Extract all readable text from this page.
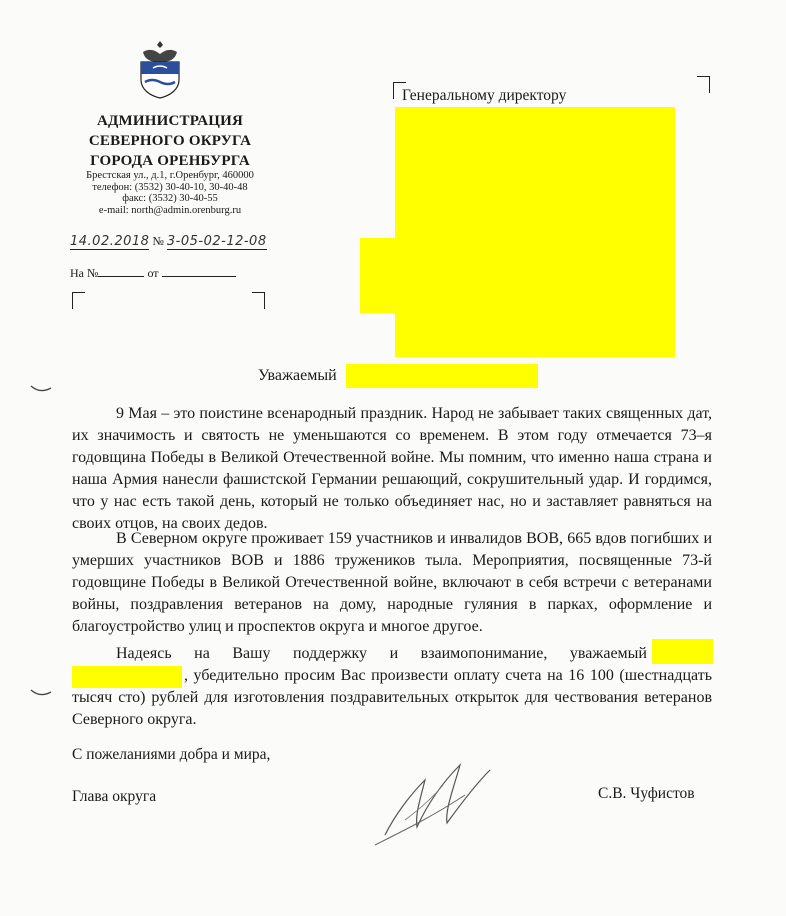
АДМИНИСТРАЦИЯ
СЕВЕРНОГО ОКРУГА
ГОРОДА ОРЕНБУРГА
Брестская ул., д.1, г.Оренбург, 460000
телефон: (3532) 30-40-10, 30-40-48
факс: (3532) 30-40-55
e-mail: north@admin.orenburg.ru
14.02.2018 № 3-05-02-12-08
На №	от
Генеральному директору
Уважаемый
9 Мая – это поистине всенародный праздник. Народ не забывает таких священных дат, их значимость и святость не уменьшаются со временем. В этом году отмечается 73–я годовщина Победы в Великой Отечественной войне. Мы помним, что именно наша страна и наша Армия нанесли фашистской Германии решающий, сокрушительный удар. И гордимся, что у нас есть такой день, который не только объединяет нас, но и заставляет равняться на своих отцов, на своих дедов.
В Северном округе проживает 159 участников и инвалидов ВОВ, 665 вдов погибших и умерших участников ВОВ и 1886 тружеников тыла. Мероприятия, посвященные 73-й годовщине Победы в Великой Отечественной войне, включают в себя встречи с ветеранами войны, поздравления ветеранов на дому, народные гуляния в парках, оформление и благоустройство улиц и проспектов округа и многое другое.
Надеясь на Вашу поддержку и взаимопонимание, уважаемый
, убедительно просим Вас произвести оплату счета на 16 100 (шестнадцать тысяч сто) рублей для изготовления поздравительных открыток для чествования ветеранов Северного округа.
С пожеланиями добра и мира,
Глава округа	С.В. Чуфистов
